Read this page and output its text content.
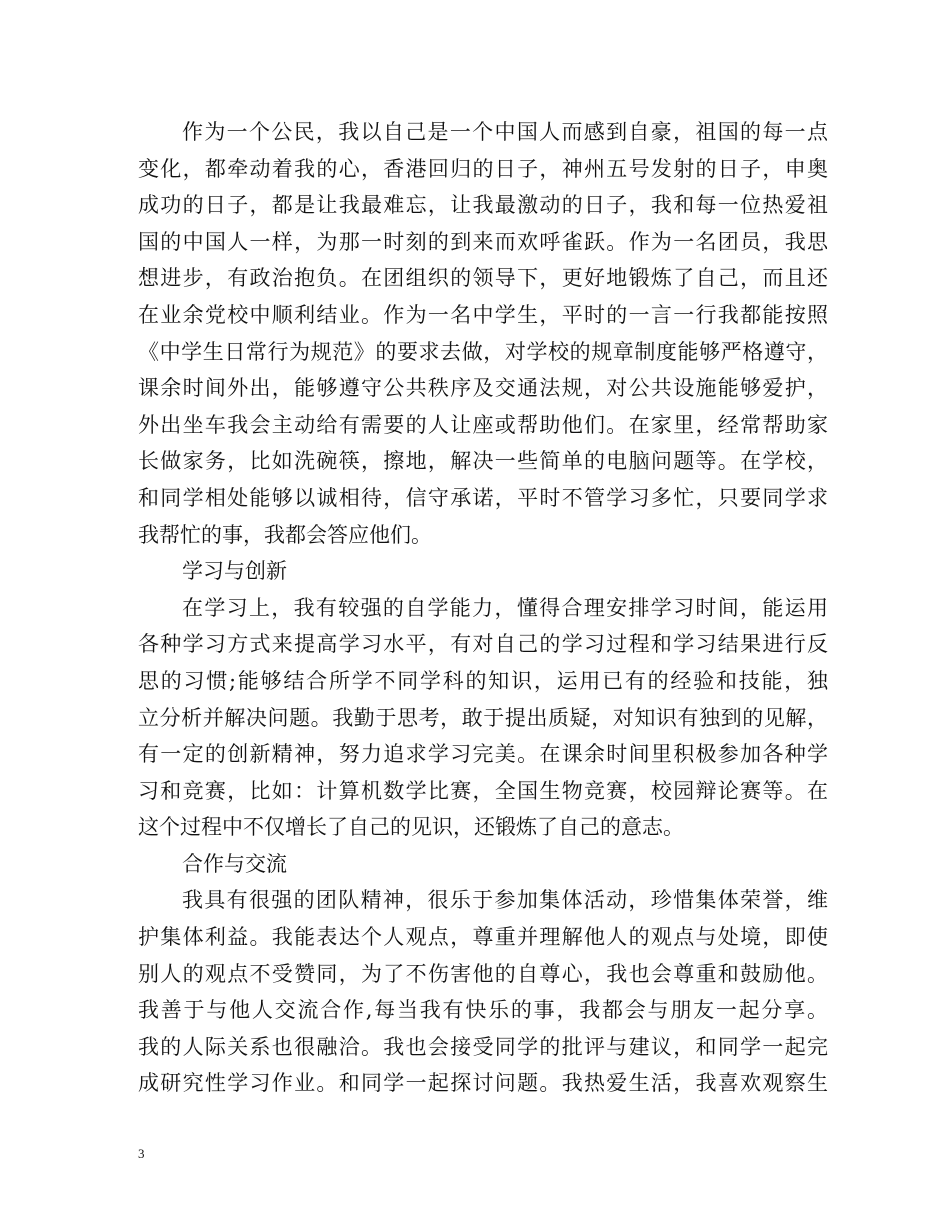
作为一个公民，我以自己是一个中国人而感到自豪，祖国的每一点
变化，都牵动着我的心，香港回归的日子，神州五号发射的日子，申奥
成功的日子，都是让我最难忘，让我最激动的日子，我和每一位热爱祖
国的中国人一样，为那一时刻的到来而欢呼雀跃。作为一名团员，我思
想进步，有政治抱负。在团组织的领导下，更好地锻炼了自己，而且还
在业余党校中顺利结业。作为一名中学生，平时的一言一行我都能按照
《中学生日常行为规范》的要求去做，对学校的规章制度能够严格遵守，
课余时间外出，能够遵守公共秩序及交通法规，对公共设施能够爱护，
外出坐车我会主动给有需要的人让座或帮助他们。在家里，经常帮助家
长做家务，比如洗碗筷，擦地，解决一些简单的电脑问题等。在学校，
和同学相处能够以诚相待，信守承诺，平时不管学习多忙，只要同学求
我帮忙的事，我都会答应他们。
学习与创新
在学习上，我有较强的自学能力，懂得合理安排学习时间，能运用
各种学习方式来提高学习水平，有对自己的学习过程和学习结果进行反
思的习惯;能够结合所学不同学科的知识，运用已有的经验和技能，独
立分析并解决问题。我勤于思考，敢于提出质疑，对知识有独到的见解，
有一定的创新精神，努力追求学习完美。在课余时间里积极参加各种学
习和竞赛，比如：计算机数学比赛，全国生物竞赛，校园辩论赛等。在
这个过程中不仅增长了自己的见识，还锻炼了自己的意志。
合作与交流
我具有很强的团队精神，很乐于参加集体活动，珍惜集体荣誉，维
护集体利益。我能表达个人观点，尊重并理解他人的观点与处境，即使
别人的观点不受赞同，为了不伤害他的自尊心，我也会尊重和鼓励他。
我善于与他人交流合作,每当我有快乐的事，我都会与朋友一起分享。
我的人际关系也很融洽。我也会接受同学的批评与建议，和同学一起完
成研究性学习作业。和同学一起探讨问题。我热爱生活，我喜欢观察生
3
